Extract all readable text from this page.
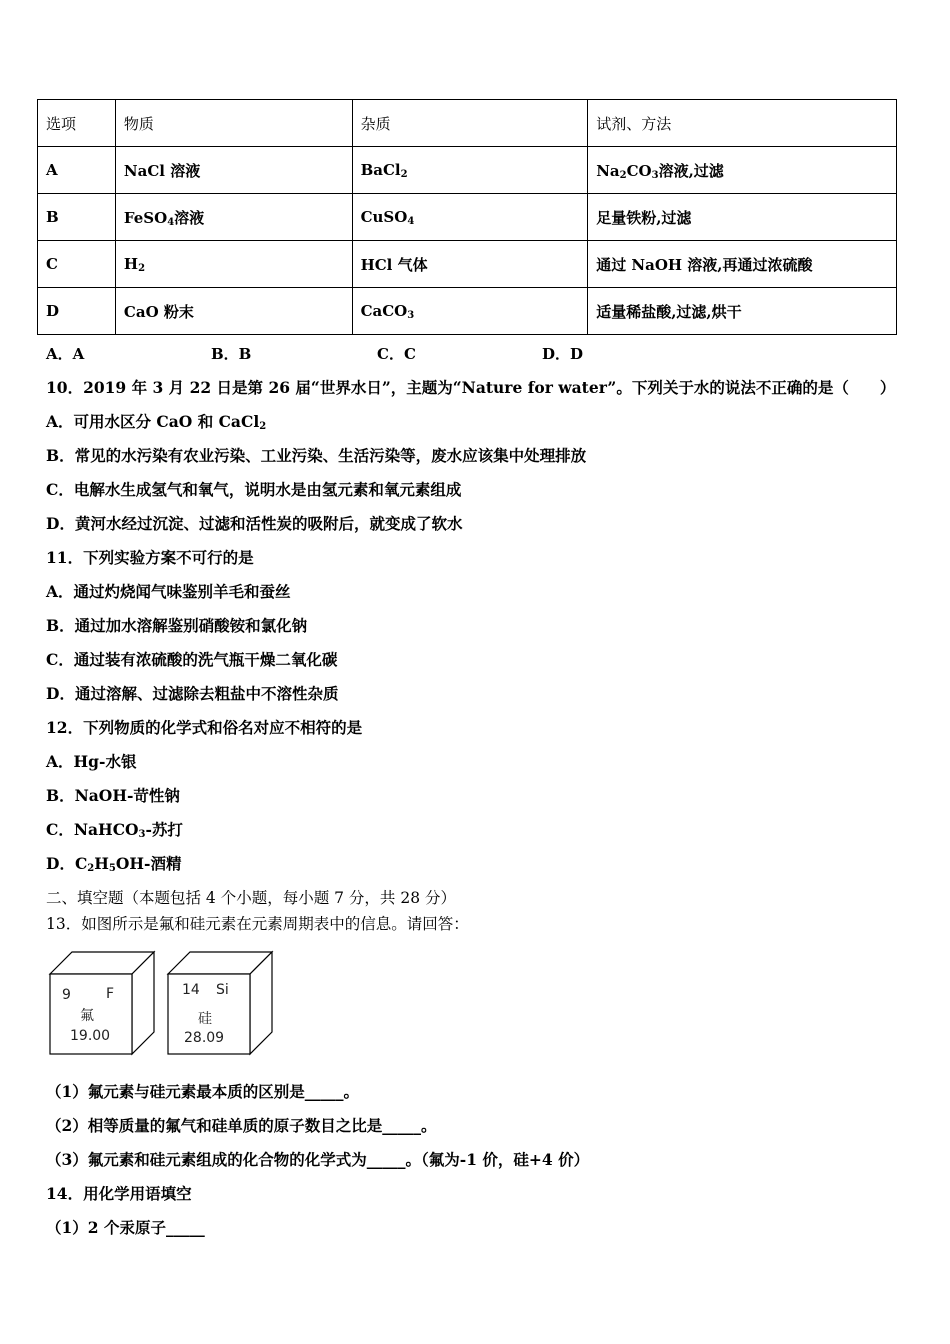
选项	物质	杂质	试剂、方法
A	NaCl 溶液	BaCl$_2$	$Na_2CO_3$溶液,过滤
B	FeSO$_4$溶液	CuSO$_4$	足量铁粉,过滤
C	$H_2$	HCl 气体	通过 NaOH 溶液,再通过浓硫酸
D	CaO 粉末	CaCO$_3$	适量稀盐酸,过滤,烘干
A．A	B．B	C．C	D．D
10．2019 年 3 月 22 日是第 26 届“世界水日”，主题为“Nature for water”。下列关于水的说法不正确的是（　　）
A．可用水区分 CaO 和 CaCl$_2$
B．常见的水污染有农业污染、工业污染、生活污染等，废水应该集中处理排放
C．电解水生成氢气和氧气，说明水是由氢元素和氧元素组成
D．黄河水经过沉淀、过滤和活性炭的吸附后，就变成了软水
11．下列实验方案不可行的是
A．通过灼烧闻气味鉴别羊毛和蚕丝
B．通过加水溶解鉴别硝酸铵和氯化钠
C．通过装有浓硫酸的洗气瓶干燥二氧化碳
D．通过溶解、过滤除去粗盐中不溶性杂质
12．下列物质的化学式和俗名对应不相符的是
A．Hg-水银
B．NaOH-苛性钠
C．NaHCO$_3$-苏打
D．$C_2H_5OH-$酒精
二、填空题（本题包括 4 个小题，每小题 7 分，共 28 分）
13．如图所示是氟和硅元素在元素周期表中的信息。请回答：
9	F
氟
19.00
14 Si
硅
28.09
（1）氟元素与硅元素最本质的区别是_____。
（2）相等质量的氟气和硅单质的原子数目之比是_____。
（3）氟元素和硅元素组成的化合物的化学式为_____。（氟为-1 价，硅+4 价）
14．用化学用语填空
（1）2 个汞原子_____
